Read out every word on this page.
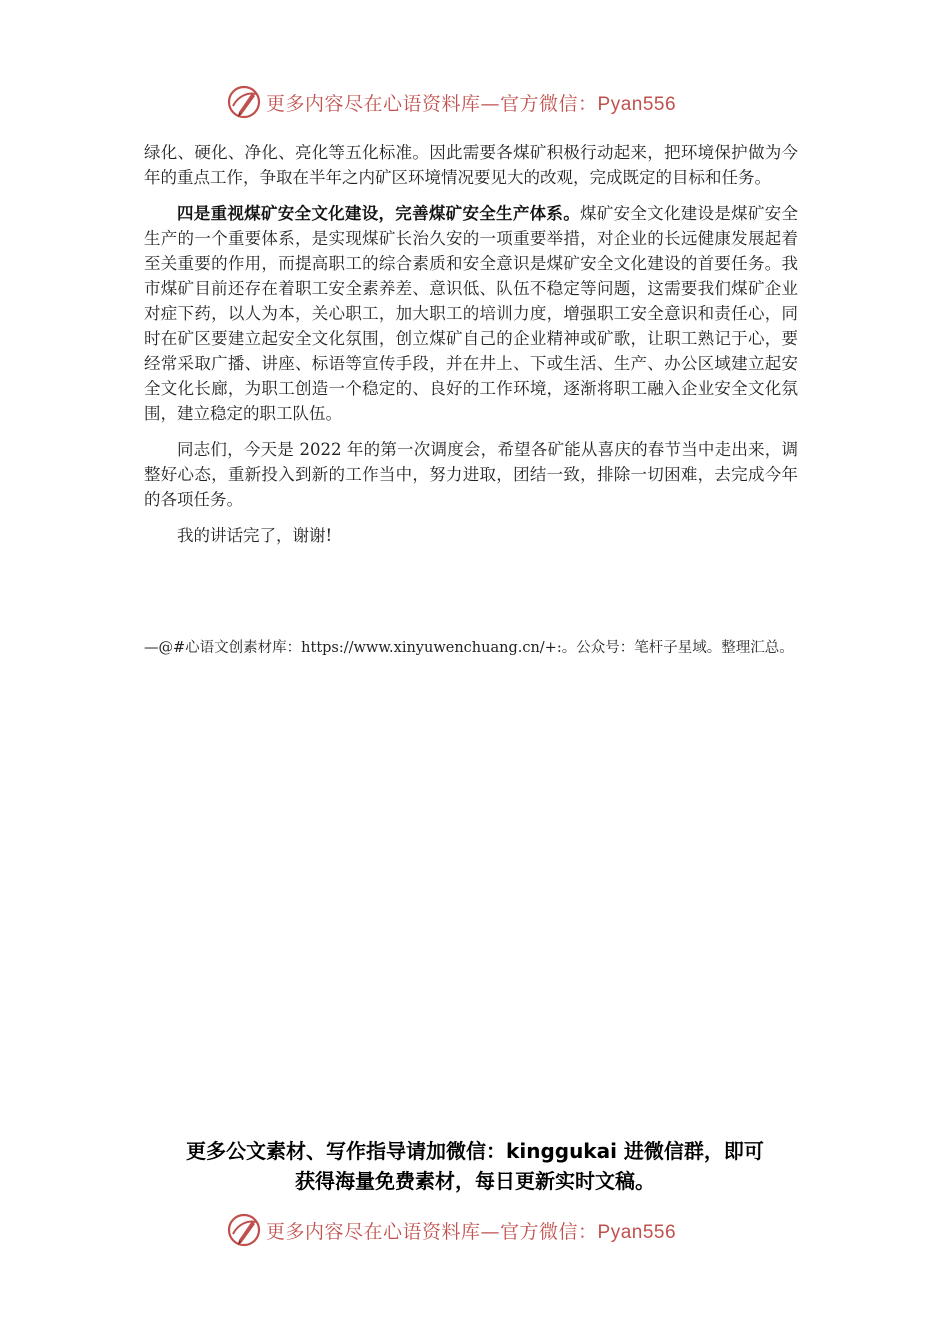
更多内容尽在心语资料库—官方微信：Pyan556

绿化、硬化、净化、亮化等五化标准。因此需要各煤矿积极行动起来，把环境保护做为今年的重点工作，争取在半年之内矿区环境情况要见大的改观，完成既定的目标和任务。

四是重视煤矿安全文化建设，完善煤矿安全生产体系。煤矿安全文化建设是煤矿安全生产的一个重要体系，是实现煤矿长治久安的一项重要举措，对企业的长远健康发展起着至关重要的作用，而提高职工的综合素质和安全意识是煤矿安全文化建设的首要任务。我市煤矿目前还存在着职工安全素养差、意识低、队伍不稳定等问题，这需要我们煤矿企业对症下药，以人为本，关心职工，加大职工的培训力度，增强职工安全意识和责任心，同时在矿区要建立起安全文化氛围，创立煤矿自己的企业精神或矿歌，让职工熟记于心，要经常采取广播、讲座、标语等宣传手段，并在井上、下或生活、生产、办公区域建立起安全文化长廊，为职工创造一个稳定的、良好的工作环境，逐渐将职工融入企业安全文化氛围，建立稳定的职工队伍。

同志们，今天是 2022 年的第一次调度会，希望各矿能从喜庆的春节当中走出来，调整好心态，重新投入到新的工作当中，努力进取，团结一致，排除一切困难，去完成今年的各项任务。

我的讲话完了，谢谢!

—@#心语文创素材库：https://www.xinyuwenchuang.cn/+:。公众号：笔杆子星域。整理汇总。
更多公文素材、写作指导请加微信：kinggukai 进微信群，即可
获得海量免费素材，每日更新实时文稿。
更多内容尽在心语资料库—官方微信：Pyan556
